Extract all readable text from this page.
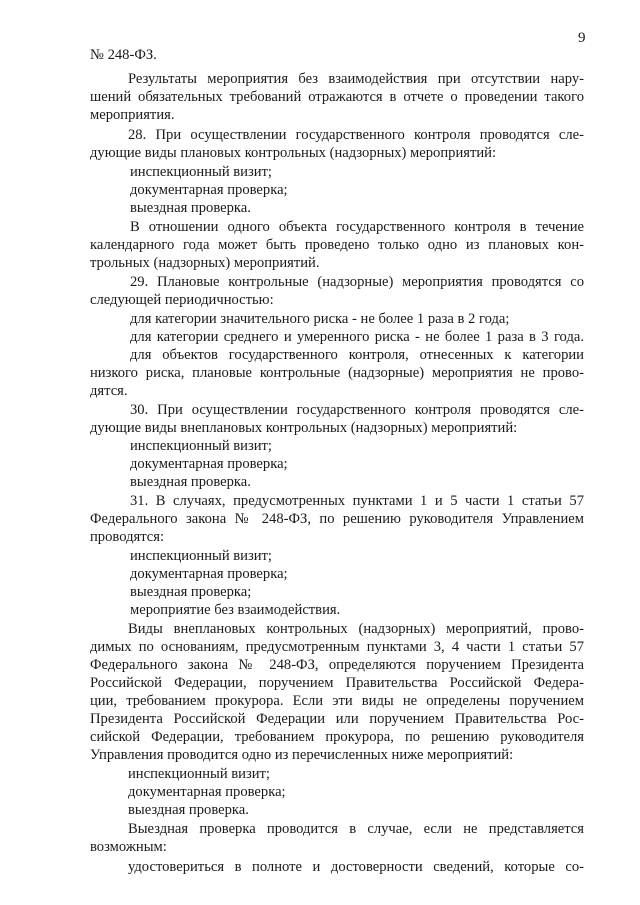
9
№ 248-ФЗ.
Результаты мероприятия без взаимодействия при отсутствии нару-
шений обязательных требований отражаются в отчете о проведении такого
мероприятия.
28. При осуществлении государственного контроля проводятся сле-
дующие виды плановых контрольных (надзорных) мероприятий:
инспекционный визит;
документарная проверка;
выездная проверка.
В отношении одного объекта государственного контроля в течение
календарного года может быть проведено только одно из плановых кон-
трольных (надзорных) мероприятий.
29. Плановые контрольные (надзорные) мероприятия проводятся со
следующей периодичностью:
для категории значительного риска - не более 1 раза в 2 года;
для категории среднего и умеренного риска - не более 1 раза в 3 года.
для объектов государственного контроля, отнесенных к категории
низкого риска, плановые контрольные (надзорные) мероприятия не прово-
дятся.
30. При осуществлении государственного контроля проводятся сле-
дующие виды внеплановых контрольных (надзорных) мероприятий:
инспекционный визит;
документарная проверка;
выездная проверка.
31. В случаях, предусмотренных пунктами 1 и 5 части 1 статьи 57
Федерального закона № 248-ФЗ, по решению руководителя Управлением
проводятся:
инспекционный визит;
документарная проверка;
выездная проверка;
мероприятие без взаимодействия.
Виды внеплановых контрольных (надзорных) мероприятий, прово-
димых по основаниям, предусмотренным пунктами 3, 4 части 1 статьи 57
Федерального закона № 248-ФЗ, определяются поручением Президента
Российской Федерации, поручением Правительства Российской Федера-
ции, требованием прокурора. Если эти виды не определены поручением
Президента Российской Федерации или поручением Правительства Рос-
сийской Федерации, требованием прокурора, по решению руководителя
Управления проводится одно из перечисленных ниже мероприятий:
инспекционный визит;
документарная проверка;
выездная проверка.
Выездная проверка проводится в случае, если не представляется
возможным:
удостовериться в полноте и достоверности сведений, которые со-
